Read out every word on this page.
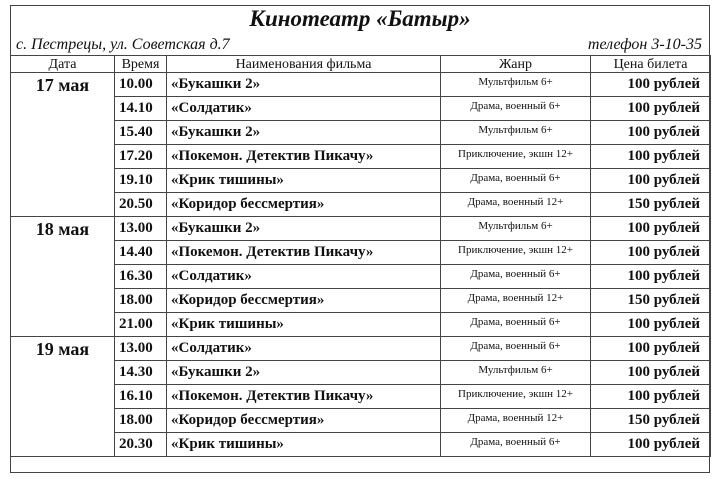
Кинотеатр «Батыр»
с. Пестрецы, ул. Советская д.7	телефон 3-10-35
Дата	Время	Наименования фильма	Жанр	Цена билета
17 мая	10.00	«Букашки 2»	Мультфильм 6+	100 рублей
	14.10	«Солдатик»	Драма, военный 6+	100 рублей
	15.40	«Букашки 2»	Мультфильм 6+	100 рублей
	17.20	«Покемон. Детектив Пикачу»	Приключение, экшн 12+	100 рублей
	19.10	«Крик тишины»	Драма, военный 6+	100 рублей
	20.50	«Коридор бессмертия»	Драма, военный 12+	150 рублей
18 мая	13.00	«Букашки 2»	Мультфильм 6+	100 рублей
	14.40	«Покемон. Детектив Пикачу»	Приключение, экшн 12+	100 рублей
	16.30	«Солдатик»	Драма, военный 6+	100 рублей
	18.00	«Коридор бессмертия»	Драма, военный 12+	150 рублей
	21.00	«Крик тишины»	Драма, военный 6+	100 рублей
19 мая	13.00	«Солдатик»	Драма, военный 6+	100 рублей
	14.30	«Букашки 2»	Мультфильм 6+	100 рублей
	16.10	«Покемон. Детектив Пикачу»	Приключение, экшн 12+	100 рублей
	18.00	«Коридор бессмертия»	Драма, военный 12+	150 рублей
	20.30	«Крик тишины»	Драма, военный 6+	100 рублей
